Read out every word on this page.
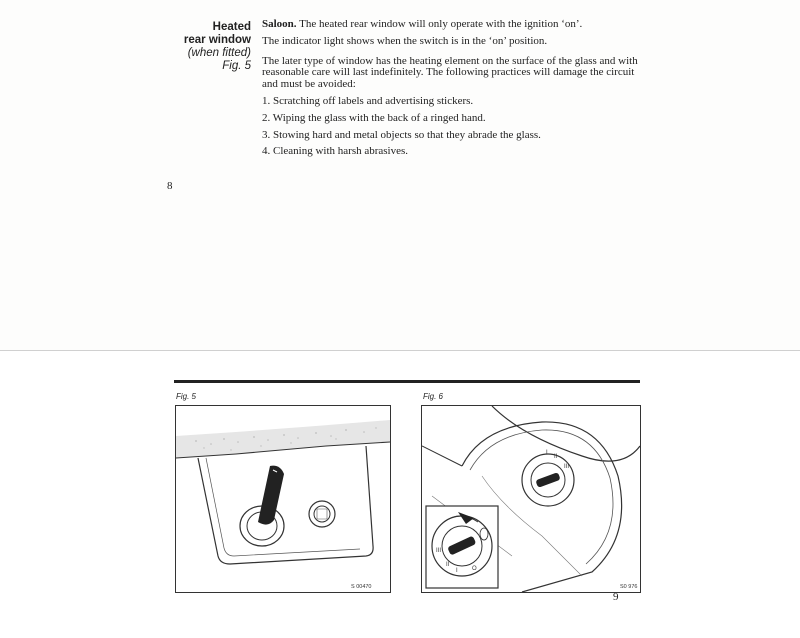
Heated
rear window
(when fitted)
Fig. 5

Saloon. The heated rear window will only operate with the ignition ‘on’.

The indicator light shows when the switch is in the ‘on’ position.

The later type of window has the heating element on the surface of the glass and with reasonable care will last indefinitely. The following practices will damage the circuit and must be avoided:

1. Scratching off labels and advertising stickers.

2. Wiping the glass with the back of a ringed hand.

3. Stowing hard and metal objects so that they abrade the glass.

4. Cleaning with harsh abrasives.

8
Fig. 5	Fig. 6
S 00470
I
II
III
III
II
I O
S0 976
9
